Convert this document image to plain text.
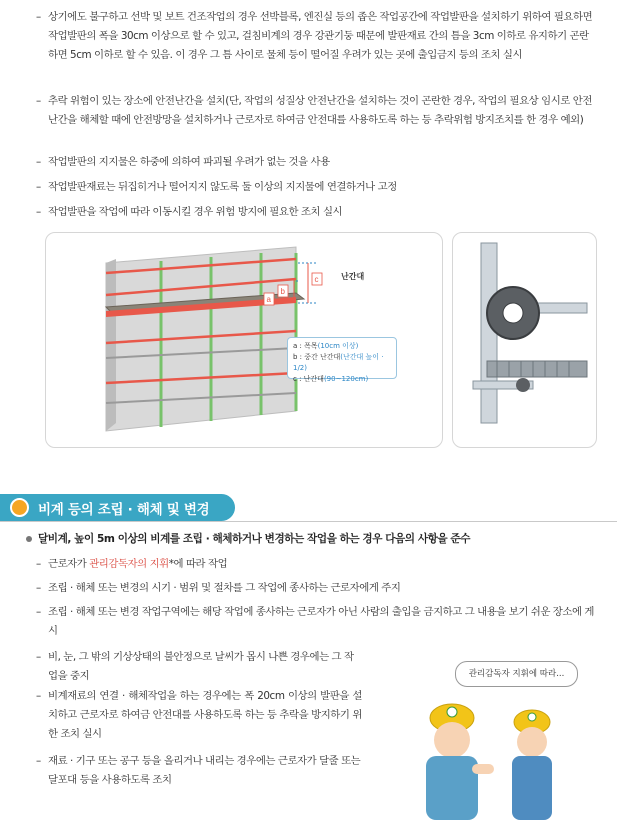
– 상기에도 불구하고 선박 및 보트 건조작업의 경우 선박블록, 엔진실 등의 좁은 작업공간에 작업발판을 설치하기 위하여 필요하면 작업발판의 폭을 30cm 이상으로 할 수 있고, 걸침비계의 경우 강관기둥 때문에 발판재료 간의 틈을 3cm 이하로 유지하기 곤란하면 5cm 이하로 할 수 있음. 이 경우 그 틈 사이로 물체 등이 떨어질 우려가 있는 곳에 출입금지 등의 조치 실시
– 추락 위험이 있는 장소에 안전난간을 설치(단, 작업의 성질상 안전난간을 설치하는 것이 곤란한 경우, 작업의 필요상 임시로 안전난간을 해체할 때에 안전방망을 설치하거나 근로자로 하여금 안전대를 사용하도록 하는 등 추락위험 방지조치를 한 경우 예외)
– 작업발판의 지지물은 하중에 의하여 파괴될 우려가 없는 것을 사용
– 작업발판재료는 뒤집히거나 떨어지지 않도록 둘 이상의 지지물에 연결하거나 고정
– 작업발판을 작업에 따라 이동시킬 경우 위험 방지에 필요한 조치 실시
c
b
a
난간대
a : 폭목(10cm 이상)
b : 중간 난간대(난간대 높이 · 1/2)
c : 난간대(90~120cm)
비계 등의 조립 · 해체 및 변경
달비계, 높이 5m 이상의 비계를 조립 · 해체하거나 변경하는 작업을 하는 경우 다음의 사항을 준수
– 근로자가 관리감독자의 지휘*에 따라 작업
– 조립 · 해체 또는 변경의 시기 · 범위 및 절차를 그 작업에 종사하는 근로자에게 주지
– 조립 · 해체 또는 변경 작업구역에는 해당 작업에 종사하는 근로자가 아닌 사람의 출입을 금지하고 그 내용을 보기 쉬운 장소에 게시
– 비, 눈, 그 밖의 기상상태의 불안정으로 날씨가 몹시 나쁜 경우에는 그 작업을 중지
– 비계재료의 연결 · 해체작업을 하는 경우에는 폭 20cm 이상의 발판을 설치하고 근로자로 하여금 안전대를 사용하도록 하는 등 추락을 방지하기 위한 조치 실시
– 재료 · 기구 또는 공구 등을 올리거나 내리는 경우에는 근로자가 달줄 또는 달포대 등을 사용하도록 조치
관리감독자 지휘에 따라...
